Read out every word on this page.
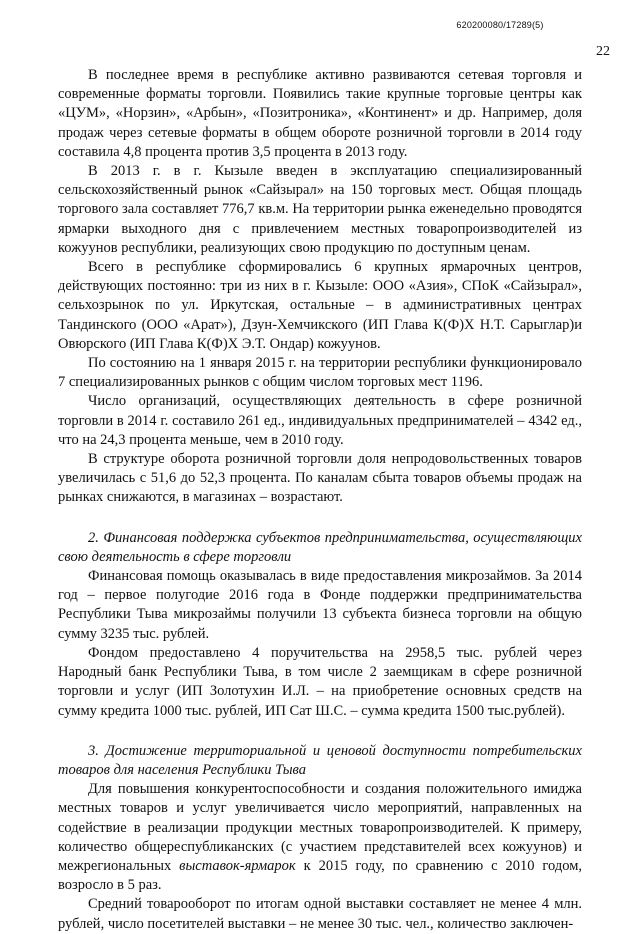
620200080/17289(5)
22

В последнее время в республике активно развиваются сетевая торговля и современные форматы торговли. Появились такие крупные торговые центры как «ЦУМ», «Норзин», «Арбын», «Позитроника», «Континент» и др. Например, доля продаж через сетевые форматы в общем обороте розничной торговли в 2014 году составила 4,8 процента против 3,5 процента в 2013 году.

В 2013 г. в г. Кызыле введен в эксплуатацию специализированный сельскохозяйственный рынок «Сайзырал» на 150 торговых мест. Общая площадь торгового зала составляет 776,7 кв.м. На территории рынка еженедельно проводятся ярмарки выходного дня с привлечением местных товаропроизводителей из кожуунов республики, реализующих свою продукцию по доступным ценам.

Всего в республике сформировались 6 крупных ярмарочных центров, действующих постоянно: три из них в г. Кызыле: ООО «Азия», СПоК «Сайзырал», сельхозрынок по ул. Иркутская, остальные – в административных центрах Тандинского (ООО «Арат»), Дзун-Хемчикского (ИП Глава К(Ф)Х Н.Т. Сарыглар)и Овюрского (ИП Глава К(Ф)Х Э.Т. Ондар) кожуунов.

По состоянию на 1 января 2015 г. на территории республики функционировало 7 специализированных рынков с общим числом торговых мест 1196.

Число организаций, осуществляющих деятельность в сфере розничной торговли в 2014 г. составило 261 ед., индивидуальных предпринимателей – 4342 ед., что на 24,3 процента меньше, чем в 2010 году.

В структуре оборота розничной торговли доля непродовольственных товаров увеличилась с 51,6 до 52,3 процента. По каналам сбыта товаров объемы продаж на рынках снижаются, в магазинах – возрастают.

2. Финансовая поддержка субъектов предпринимательства, осуществляющих свою деятельность в сфере торговли

Финансовая помощь оказывалась в виде предоставления микрозаймов. За 2014 год – первое полугодие 2016 года в Фонде поддержки предпринимательства Республики Тыва микрозаймы получили 13 субъекта бизнеса торговли на общую сумму 3235 тыс. рублей.

Фондом предоставлено 4 поручительства на 2958,5 тыс. рублей через Народный банк Республики Тыва, в том числе 2 заемщикам в сфере розничной торговли и услуг (ИП Золотухин И.Л. – на приобретение основных средств на сумму кредита 1000 тыс. рублей, ИП Сат Ш.С. – сумма кредита 1500 тыс.рублей).

3. Достижение территориальной и ценовой доступности потребительских товаров для населения Республики Тыва

Для повышения конкурентоспособности и создания положительного имиджа местных товаров и услуг увеличивается число мероприятий, направленных на содействие в реализации продукции местных товаропроизводителей. К примеру, количество общереспубликанских (с участием представителей всех кожуунов) и межрегиональных выставок-ярмарок к 2015 году, по сравнению с 2010 годом, возросло в 5 раз.

Средний товарооборот по итогам одной выставки составляет не менее 4 млн. рублей, число посетителей выставки – не менее 30 тыс. чел., количество заключен-
